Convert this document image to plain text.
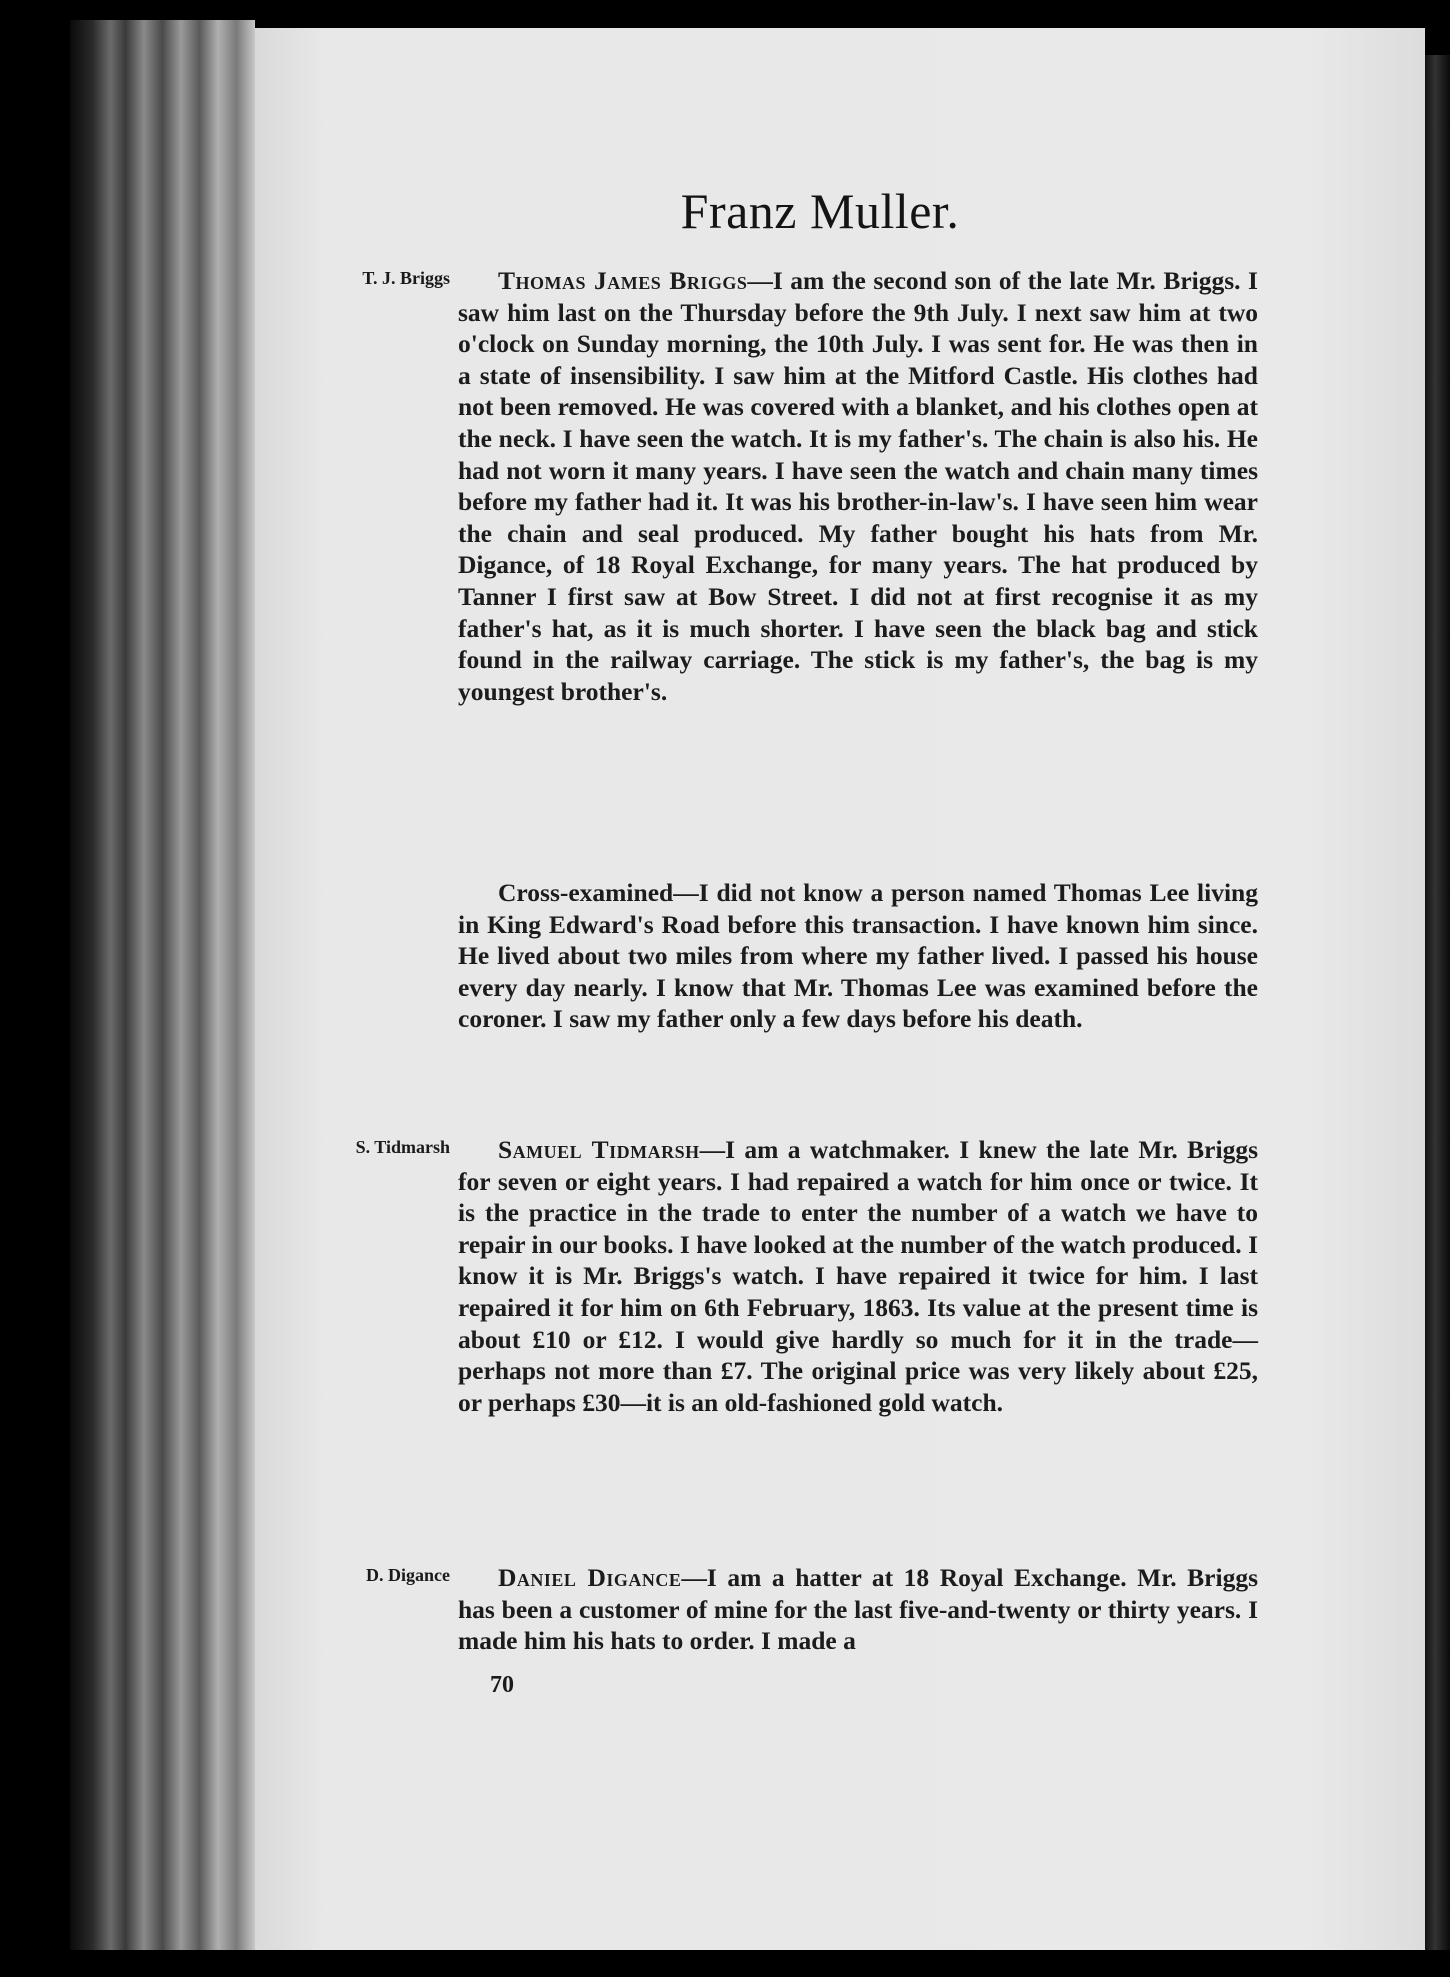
Franz Muller.
T. J. Briggs	Thomas James Briggs—I am the second son of the late Mr. Briggs. I saw him last on the Thursday before the 9th July. I next saw him at two o'clock on Sunday morning, the 10th July. I was sent for. He was then in a state of insensibility. I saw him at the Mitford Castle. His clothes had not been removed. He was covered with a blanket, and his clothes open at the neck. I have seen the watch. It is my father's. The chain is also his. He had not worn it many years. I have seen the watch and chain many times before my father had it. It was his brother-in-law's. I have seen him wear the chain and seal produced. My father bought his hats from Mr. Digance, of 18 Royal Exchange, for many years. The hat produced by Tanner I first saw at Bow Street. I did not at first recognise it as my father's hat, as it is much shorter. I have seen the black bag and stick found in the railway carriage. The stick is my father's, the bag is my youngest brother's.

Cross-examined—I did not know a person named Thomas Lee living in King Edward's Road before this transaction. I have known him since. He lived about two miles from where my father lived. I passed his house every day nearly. I know that Mr. Thomas Lee was examined before the coroner. I saw my father only a few days before his death.

S. Tidmarsh	Samuel Tidmarsh—I am a watchmaker. I knew the late Mr. Briggs for seven or eight years. I had repaired a watch for him once or twice. It is the practice in the trade to enter the number of a watch we have to repair in our books. I have looked at the number of the watch produced. I know it is Mr. Briggs's watch. I have repaired it twice for him. I last repaired it for him on 6th February, 1863. Its value at the present time is about £10 or £12. I would give hardly so much for it in the trade—perhaps not more than £7. The original price was very likely about £25, or perhaps £30—it is an old-fashioned gold watch.

D. Digance	Daniel Digance—I am a hatter at 18 Royal Exchange. Mr. Briggs has been a customer of mine for the last five-and-twenty or thirty years. I made him his hats to order. I made a

70
